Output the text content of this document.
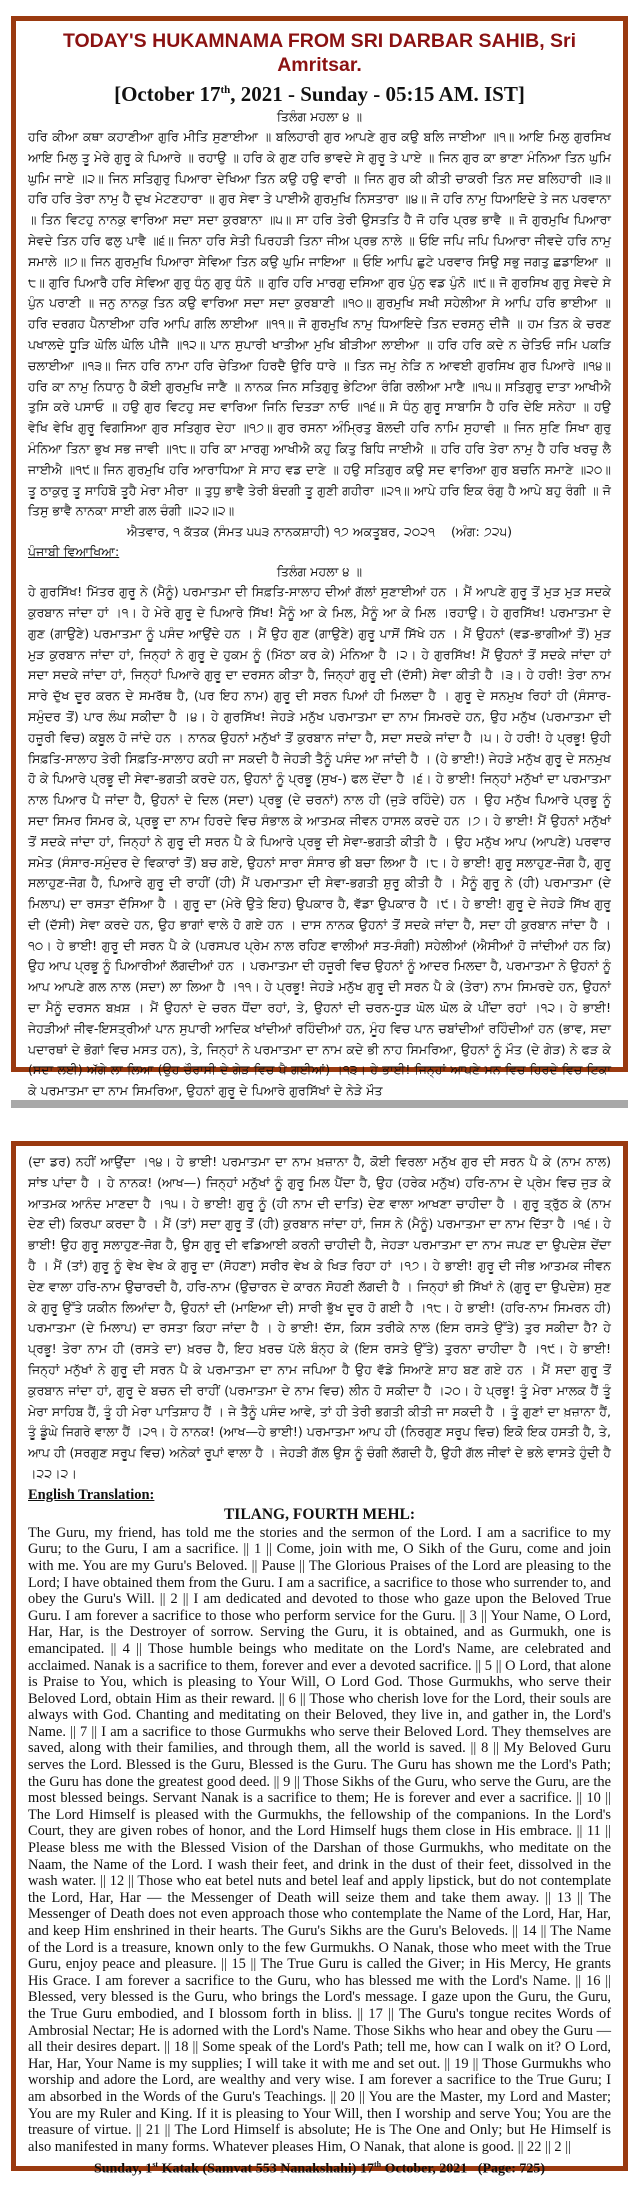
TODAY'S HUKAMNAMA FROM SRI DARBAR SAHIB, Sri Amritsar.
[October 17th, 2021 - Sunday - 05:15 AM. IST]
ਤਿਲੰਗ ਮਹਲਾ ੪ ॥
ਹਰਿ ਕੀਆ ਕਥਾ ਕਹਾਣੀਆ ਗੁਰਿ ਮੀਤਿ ਸੁਣਾਈਆ ॥ ਬਲਿਹਾਰੀ ਗੁਰ ਆਪਣੇ ਗੁਰ ਕਉ ਬਲਿ ਜਾਈਆ ॥੧॥ ਆਇ ਮਿਲੁ ਗੁਰਸਿਖ ਆਇ ਮਿਲੁ ਤੂ ਮੇਰੇ ਗੁਰੂ ਕੇ ਪਿਆਰੇ ॥ ਰਹਾਉ ॥ ਹਰਿ ਕੇ ਗੁਣ ਹਰਿ ਭਾਵਦੇ ਸੇ ਗੁਰੂ ਤੇ ਪਾਏ ॥ ਜਿਨ ਗੁਰ ਕਾ ਭਾਣਾ ਮੰਨਿਆ ਤਿਨ ਘੁਮਿ ਘੁਮਿ ਜਾਏ ॥੨॥ ਜਿਨ ਸਤਿਗੁਰੁ ਪਿਆਰਾ ਦੇਖਿਆ ਤਿਨ ਕਉ ਹਉ ਵਾਰੀ ॥ ਜਿਨ ਗੁਰ ਕੀ ਕੀਤੀ ਚਾਕਰੀ ਤਿਨ ਸਦ ਬਲਿਹਾਰੀ ॥੩॥ ਹਰਿ ਹਰਿ ਤੇਰਾ ਨਾਮੁ ਹੈ ਦੁਖ ਮੇਟਣਹਾਰਾ ॥ ਗੁਰ ਸੇਵਾ ਤੇ ਪਾਈਐ ਗੁਰਮੁਖਿ ਨਿਸਤਾਰਾ ॥੪॥ ਜੋ ਹਰਿ ਨਾਮੁ ਧਿਆਇਦੇ ਤੇ ਜਨ ਪਰਵਾਨਾ ॥ ਤਿਨ ਵਿਟਹੁ ਨਾਨਕੁ ਵਾਰਿਆ ਸਦਾ ਸਦਾ ਕੁਰਬਾਨਾ ॥੫॥ ਸਾ ਹਰਿ ਤੇਰੀ ਉਸਤਤਿ ਹੈ ਜੋ ਹਰਿ ਪ੍ਰਭ ਭਾਵੈ ॥ ਜੋ ਗੁਰਮੁਖਿ ਪਿਆਰਾ ਸੇਵਦੇ ਤਿਨ ਹਰਿ ਫਲੁ ਪਾਵੈ ॥੬॥ ਜਿਨਾ ਹਰਿ ਸੇਤੀ ਪਿਰਹੜੀ ਤਿਨਾ ਜੀਅ ਪ੍ਰਭ ਨਾਲੇ ॥ ਓਇ ਜਪਿ ਜਪਿ ਪਿਆਰਾ ਜੀਵਦੇ ਹਰਿ ਨਾਮੁ ਸਮਾਲੇ ॥੭॥ ਜਿਨ ਗੁਰਮੁਖਿ ਪਿਆਰਾ ਸੇਵਿਆ ਤਿਨ ਕਉ ਘੁਮਿ ਜਾਇਆ ॥ ਓਇ ਆਪਿ ਛੁਟੇ ਪਰਵਾਰ ਸਿਉ ਸਭੁ ਜਗਤੁ ਛਡਾਇਆ ॥੮॥ ਗੁਰਿ ਪਿਆਰੈ ਹਰਿ ਸੇਵਿਆ ਗੁਰੁ ਧੰਨੁ ਗੁਰੁ ਧੰਨੋ ॥ ਗੁਰਿ ਹਰਿ ਮਾਰਗੁ ਦਸਿਆ ਗੁਰ ਪੁੰਨੁ ਵਡ ਪੁੰਨੋ ॥੯॥ ਜੋ ਗੁਰਸਿਖ ਗੁਰੁ ਸੇਵਦੇ ਸੇ ਪੁੰਨ ਪਰਾਣੀ ॥ ਜਨੁ ਨਾਨਕੁ ਤਿਨ ਕਉ ਵਾਰਿਆ ਸਦਾ ਸਦਾ ਕੁਰਬਾਣੀ ॥੧੦॥ ਗੁਰਮੁਖਿ ਸਖੀ ਸਹੇਲੀਆ ਸੇ ਆਪਿ ਹਰਿ ਭਾਈਆ ॥ ਹਰਿ ਦਰਗਹ ਪੈਨਾਈਆ ਹਰਿ ਆਪਿ ਗਲਿ ਲਾਈਆ ॥੧੧॥ ਜੋ ਗੁਰਮੁਖਿ ਨਾਮੁ ਧਿਆਇਦੇ ਤਿਨ ਦਰਸਨੁ ਦੀਜੈ ॥ ਹਮ ਤਿਨ ਕੇ ਚਰਣ ਪਖਾਲਦੇ ਧੂੜਿ ਘੋਲਿ ਘੋਲਿ ਪੀਜੈ ॥੧੨॥ ਪਾਨ ਸੁਪਾਰੀ ਖਾਤੀਆ ਮੁਖਿ ਬੀੜੀਆ ਲਾਈਆ ॥ ਹਰਿ ਹਰਿ ਕਦੇ ਨ ਚੇਤਿਓ ਜਮਿ ਪਕੜਿ ਚਲਾਈਆ ॥੧੩॥ ਜਿਨ ਹਰਿ ਨਾਮਾ ਹਰਿ ਚੇਤਿਆ ਹਿਰਦੈ ਉਰਿ ਧਾਰੇ ॥ ਤਿਨ ਜਮੁ ਨੇੜਿ ਨ ਆਵਈ ਗੁਰਸਿਖ ਗੁਰ ਪਿਆਰੇ ॥੧੪॥ ਹਰਿ ਕਾ ਨਾਮੁ ਨਿਧਾਨੁ ਹੈ ਕੋਈ ਗੁਰਮੁਖਿ ਜਾਣੈ ॥ ਨਾਨਕ ਜਿਨ ਸਤਿਗੁਰੁ ਭੇਟਿਆ ਰੰਗਿ ਰਲੀਆ ਮਾਣੈ ॥੧੫॥ ਸਤਿਗੁਰੁ ਦਾਤਾ ਆਖੀਐ ਤੁਸਿ ਕਰੇ ਪਸਾਓ ॥ ਹਉ ਗੁਰ ਵਿਟਹੁ ਸਦ ਵਾਰਿਆ ਜਿਨਿ ਦਿਤੜਾ ਨਾਓ ॥੧੬॥ ਸੋ ਧੰਨੁ ਗੁਰੂ ਸਾਬਾਸਿ ਹੈ ਹਰਿ ਦੇਇ ਸਨੇਹਾ ॥ ਹਉ ਵੇਖਿ ਵੇਖਿ ਗੁਰੂ ਵਿਗਸਿਆ ਗੁਰ ਸਤਿਗੁਰ ਦੇਹਾ ॥੧੭॥ ਗੁਰ ਰਸਨਾ ਅੰਮ੍ਰਿਤੁ ਬੋਲਦੀ ਹਰਿ ਨਾਮਿ ਸੁਹਾਵੀ ॥ ਜਿਨ ਸੁਣਿ ਸਿਖਾ ਗੁਰੁ ਮੰਨਿਆ ਤਿਨਾ ਭੁਖ ਸਭ ਜਾਵੀ ॥੧੮॥ ਹਰਿ ਕਾ ਮਾਰਗੁ ਆਖੀਐ ਕਹੁ ਕਿਤੁ ਬਿਧਿ ਜਾਈਐ ॥ ਹਰਿ ਹਰਿ ਤੇਰਾ ਨਾਮੁ ਹੈ ਹਰਿ ਖਰਚੁ ਲੈ ਜਾਈਐ ॥੧੯॥ ਜਿਨ ਗੁਰਮੁਖਿ ਹਰਿ ਆਰਾਧਿਆ ਸੇ ਸਾਹ ਵਡ ਦਾਣੇ ॥ ਹਉ ਸਤਿਗੁਰ ਕਉ ਸਦ ਵਾਰਿਆ ਗੁਰ ਬਚਨਿ ਸਮਾਣੇ ॥੨੦॥ ਤੂ ਠਾਕੁਰੁ ਤੂ ਸਾਹਿਬੋ ਤੂਹੈ ਮੇਰਾ ਮੀਰਾ ॥ ਤੁਧੁ ਭਾਵੈ ਤੇਰੀ ਬੰਦਗੀ ਤੂ ਗੁਣੀ ਗਹੀਰਾ ॥੨੧॥ ਆਪੇ ਹਰਿ ਇਕ ਰੰਗੁ ਹੈ ਆਪੇ ਬਹੁ ਰੰਗੀ ॥ ਜੋ ਤਿਸੁ ਭਾਵੈ ਨਾਨਕਾ ਸਾਈ ਗਲ ਚੰਗੀ ॥੨੨॥੨॥
ਐਤਵਾਰ, ੧ ਕੱਤਕ (ਸੰਮਤ ੫੫੩ ਨਾਨਕਸ਼ਾਹੀ) ੧੭ ਅਕਤੂਬਰ, ੨੦੨੧ (ਅੰਗ: ੭੨੫)
ਪੰਜਾਬੀ ਵਿਆਖਿਆ:
ਤਿਲੰਗ ਮਹਲਾ ੪ ॥
ਹੇ ਗੁਰਸਿੱਖ! ਮਿੱਤਰ ਗੁਰੂ ਨੇ (ਮੈਨੂੰ) ਪਰਮਾਤਮਾ ਦੀ ਸਿਫ਼ਤਿ-ਸਾਲਾਹ ਦੀਆਂ ਗੱਲਾਂ ਸੁਣਾਈਆਂ ਹਨ । ਮੈਂ ਆਪਣੇ ਗੁਰੂ ਤੋਂ ਮੁੜ ਮੁੜ ਸਦਕੇ ਕੁਰਬਾਨ ਜਾਂਦਾ ਹਾਂ ।੧। ਹੇ ਮੇਰੇ ਗੁਰੂ ਦੇ ਪਿਆਰੇ ਸਿੱਖ! ਮੈਨੂੰ ਆ ਕੇ ਮਿਲ, ਮੈਨੂੰ ਆ ਕੇ ਮਿਲ ।ਰਹਾਉ। ਹੇ ਗੁਰਸਿੱਖ! ਪਰਮਾਤਮਾ ਦੇ ਗੁਣ (ਗਾਉਣੇ) ਪਰਮਾਤਮਾ ਨੂੰ ਪਸੰਦ ਆਉਂਦੇ ਹਨ । ਮੈਂ ਉਹ ਗੁਣ (ਗਾਉਣੇ) ਗੁਰੂ ਪਾਸੋਂ ਸਿੱਖੇ ਹਨ । ਮੈਂ ਉਹਨਾਂ (ਵਡ-ਭਾਗੀਆਂ ਤੋਂ) ਮੁੜ ਮੁੜ ਕੁਰਬਾਨ ਜਾਂਦਾ ਹਾਂ, ਜਿਨ੍ਹਾਂ ਨੇ ਗੁਰੂ ਦੇ ਹੁਕਮ ਨੂੰ (ਮਿੱਠਾ ਕਰ ਕੇ) ਮੰਨਿਆ ਹੈ ।੨। ਹੇ ਗੁਰਸਿੱਖ! ਮੈਂ ਉਹਨਾਂ ਤੋਂ ਸਦਕੇ ਜਾਂਦਾ ਹਾਂ ਸਦਾ ਸਦਕੇ ਜਾਂਦਾ ਹਾਂ, ਜਿਨ੍ਹਾਂ ਪਿਆਰੇ ਗੁਰੂ ਦਾ ਦਰਸਨ ਕੀਤਾ ਹੈ, ਜਿਨ੍ਹਾਂ ਗੁਰੂ ਦੀ (ਦੱਸੀ) ਸੇਵਾ ਕੀਤੀ ਹੈ ।੩। ਹੇ ਹਰੀ! ਤੇਰਾ ਨਾਮ ਸਾਰੇ ਦੁੱਖ ਦੂਰ ਕਰਨ ਦੇ ਸਮਰੱਥ ਹੈ, (ਪਰ ਇਹ ਨਾਮ) ਗੁਰੂ ਦੀ ਸਰਨ ਪਿਆਂ ਹੀ ਮਿਲਦਾ ਹੈ । ਗੁਰੂ ਦੇ ਸਨਮੁਖ ਰਿਹਾਂ ਹੀ (ਸੰਸਾਰ-ਸਮੁੰਦਰ ਤੋਂ) ਪਾਰ ਲੰਘ ਸਕੀਦਾ ਹੈ ।੪। ਹੇ ਗੁਰਸਿੱਖ! ਜੇਹੜੇ ਮਨੁੱਖ ਪਰਮਾਤਮਾ ਦਾ ਨਾਮ ਸਿਮਰਦੇ ਹਨ, ਉਹ ਮਨੁੱਖ (ਪਰਮਾਤਮਾ ਦੀ ਹਜ਼ੂਰੀ ਵਿਚ) ਕਬੂਲ ਹੋ ਜਾਂਦੇ ਹਨ । ਨਾਨਕ ਉਹਨਾਂ ਮਨੁੱਖਾਂ ਤੋਂ ਕੁਰਬਾਨ ਜਾਂਦਾ ਹੈ, ਸਦਾ ਸਦਕੇ ਜਾਂਦਾ ਹੈ ।੫। ਹੇ ਹਰੀ! ਹੇ ਪ੍ਰਭੂ! ਉਹੀ ਸਿਫ਼ਤਿ-ਸਾਲਾਹ ਤੇਰੀ ਸਿਫ਼ਤਿ-ਸਾਲਾਹ ਕਹੀ ਜਾ ਸਕਦੀ ਹੈ ਜੇਹੜੀ ਤੈਨੂੰ ਪਸੰਦ ਆ ਜਾਂਦੀ ਹੈ । (ਹੇ ਭਾਈ!) ਜੇਹੜੇ ਮਨੁੱਖ ਗੁਰੂ ਦੇ ਸਨਮੁਖ ਹੋ ਕੇ ਪਿਆਰੇ ਪ੍ਰਭੂ ਦੀ ਸੇਵਾ-ਭਗਤੀ ਕਰਦੇ ਹਨ, ਉਹਨਾਂ ਨੂੰ ਪ੍ਰਭੂ (ਸੁਖ-) ਫਲ ਦੇਂਦਾ ਹੈ ।੬। ਹੇ ਭਾਈ! ਜਿਨ੍ਹਾਂ ਮਨੁੱਖਾਂ ਦਾ ਪਰਮਾਤਮਾ ਨਾਲ ਪਿਆਰ ਪੈ ਜਾਂਦਾ ਹੈ, ਉਹਨਾਂ ਦੇ ਦਿਲ (ਸਦਾ) ਪ੍ਰਭੂ (ਦੇ ਚਰਨਾਂ) ਨਾਲ ਹੀ (ਜੁੜੇ ਰਹਿੰਦੇ) ਹਨ । ਉਹ ਮਨੁੱਖ ਪਿਆਰੇ ਪ੍ਰਭੂ ਨੂੰ ਸਦਾ ਸਿਮਰ ਸਿਮਰ ਕੇ, ਪ੍ਰਭੂ ਦਾ ਨਾਮ ਹਿਰਦੇ ਵਿਚ ਸੰਭਾਲ ਕੇ ਆਤਮਕ ਜੀਵਨ ਹਾਸਲ ਕਰਦੇ ਹਨ ।੭। ਹੇ ਭਾਈ! ਮੈਂ ਉਹਨਾਂ ਮਨੁੱਖਾਂ ਤੋਂ ਸਦਕੇ ਜਾਂਦਾ ਹਾਂ, ਜਿਨ੍ਹਾਂ ਨੇ ਗੁਰੂ ਦੀ ਸਰਨ ਪੈ ਕੇ ਪਿਆਰੇ ਪ੍ਰਭੂ ਦੀ ਸੇਵਾ-ਭਗਤੀ ਕੀਤੀ ਹੈ । ਉਹ ਮਨੁੱਖ ਆਪ (ਆਪਣੇ) ਪਰਵਾਰ ਸਮੇਤ (ਸੰਸਾਰ-ਸਮੁੰਦਰ ਦੇ ਵਿਕਾਰਾਂ ਤੋਂ) ਬਚ ਗਏ, ਉਹਨਾਂ ਸਾਰਾ ਸੰਸਾਰ ਭੀ ਬਚਾ ਲਿਆ ਹੈ ।੮। ਹੇ ਭਾਈ! ਗੁਰੂ ਸਲਾਹੁਣ-ਜੋਗ ਹੈ, ਗੁਰੂ ਸਲਾਹੁਣ-ਜੋਗ ਹੈ, ਪਿਆਰੇ ਗੁਰੂ ਦੀ ਰਾਹੀਂ (ਹੀ) ਮੈਂ ਪਰਮਾਤਮਾ ਦੀ ਸੇਵਾ-ਭਗਤੀ ਸ਼ੁਰੂ ਕੀਤੀ ਹੈ । ਮੈਨੂੰ ਗੁਰੂ ਨੇ (ਹੀ) ਪਰਮਾਤਮਾ (ਦੇ ਮਿਲਾਪ) ਦਾ ਰਸਤਾ ਦੱਸਿਆ ਹੈ । ਗੁਰੂ ਦਾ (ਮੇਰੇ ਉਤੇ ਇਹ) ਉਪਕਾਰ ਹੈ, ਵੱਡਾ ਉਪਕਾਰ ਹੈ ।੯। ਹੇ ਭਾਈ! ਗੁਰੂ ਦੇ ਜੇਹੜੇ ਸਿੱਖ ਗੁਰੂ ਦੀ (ਦੱਸੀ) ਸੇਵਾ ਕਰਦੇ ਹਨ, ਉਹ ਭਾਗਾਂ ਵਾਲੇ ਹੋ ਗਏ ਹਨ । ਦਾਸ ਨਾਨਕ ਉਹਨਾਂ ਤੋਂ ਸਦਕੇ ਜਾਂਦਾ ਹੈ, ਸਦਾ ਹੀ ਕੁਰਬਾਨ ਜਾਂਦਾ ਹੈ ।੧੦। ਹੇ ਭਾਈ! ਗੁਰੂ ਦੀ ਸਰਨ ਪੈ ਕੇ (ਪਰਸਪਰ ਪ੍ਰੇਮ ਨਾਲ ਰਹਿਣ ਵਾਲੀਆਂ ਸਤ-ਸੰਗੀ) ਸਹੇਲੀਆਂ (ਐਸੀਆਂ ਹੋ ਜਾਂਦੀਆਂ ਹਨ ਕਿ) ਉਹ ਆਪ ਪ੍ਰਭੂ ਨੂੰ ਪਿਆਰੀਆਂ ਲੱਗਦੀਆਂ ਹਨ । ਪਰਮਾਤਮਾ ਦੀ ਹਜ਼ੂਰੀ ਵਿਚ ਉਹਨਾਂ ਨੂੰ ਆਦਰ ਮਿਲਦਾ ਹੈ, ਪਰਮਾਤਮਾ ਨੇ ਉਹਨਾਂ ਨੂੰ ਆਪ ਆਪਣੇ ਗਲ ਨਾਲ (ਸਦਾ) ਲਾ ਲਿਆ ਹੈ ।੧੧। ਹੇ ਪ੍ਰਭੂ! ਜੇਹੜੇ ਮਨੁੱਖ ਗੁਰੂ ਦੀ ਸਰਨ ਪੈ ਕੇ (ਤੇਰਾ) ਨਾਮ ਸਿਮਰਦੇ ਹਨ, ਉਹਨਾਂ ਦਾ ਮੈਨੂੰ ਦਰਸਨ ਬਖ਼ਸ਼ । ਮੈਂ ਉਹਨਾਂ ਦੇ ਚਰਨ ਧੋਂਦਾ ਰਹਾਂ, ਤੇ, ਉਹਨਾਂ ਦੀ ਚਰਨ-ਧੂੜ ਘੋਲ ਘੋਲ ਕੇ ਪੀਂਦਾ ਰਹਾਂ ।੧੨। ਹੇ ਭਾਈ! ਜੇਹੜੀਆਂ ਜੀਵ-ਇਸਤ੍ਰੀਆਂ ਪਾਨ ਸੁਪਾਰੀ ਆਦਿਕ ਖਾਂਦੀਆਂ ਰਹਿੰਦੀਆਂ ਹਨ, ਮੂੰਹ ਵਿਚ ਪਾਨ ਚਬਾਂਦੀਆਂ ਰਹਿੰਦੀਆਂ ਹਨ (ਭਾਵ, ਸਦਾ ਪਦਾਰਥਾਂ ਦੇ ਭੋਗਾਂ ਵਿਚ ਮਸਤ ਹਨ), ਤੇ, ਜਿਨ੍ਹਾਂ ਨੇ ਪਰਮਾਤਮਾ ਦਾ ਨਾਮ ਕਦੇ ਭੀ ਨਾਹ ਸਿਮਰਿਆ, ਉਹਨਾਂ ਨੂੰ ਮੌਤ (ਦੇ ਗੇੜ) ਨੇ ਫੜ ਕੇ (ਸਦਾ ਲਈ) ਅੱਗੇ ਲਾ ਲਿਆ (ਉਹ ਚੌਰਾਸੀ ਦੇ ਗੇੜ ਵਿਚ ਪੈ ਗਈਆਂ) ।੧੩। ਹੇ ਭਾਈ! ਜਿਨ੍ਹਾਂ ਆਪਣੇ ਮਨ ਵਿਚ ਹਿਰਦੇ ਵਿਚ ਟਿਕਾ ਕੇ ਪਰਮਾਤਮਾ ਦਾ ਨਾਮ ਸਿਮਰਿਆ, ਉਹਨਾਂ ਗੁਰੂ ਦੇ ਪਿਆਰੇ ਗੁਰਸਿੱਖਾਂ ਦੇ ਨੇੜੇ ਮੌਤ
(ਦਾ ਡਰ) ਨਹੀਂ ਆਉਂਦਾ ।੧੪। ਹੇ ਭਾਈ! ਪਰਮਾਤਮਾ ਦਾ ਨਾਮ ਖ਼ਜ਼ਾਨਾ ਹੈ, ਕੋਈ ਵਿਰਲਾ ਮਨੁੱਖ ਗੁਰ ਦੀ ਸਰਨ ਪੈ ਕੇ (ਨਾਮ ਨਾਲ) ਸਾਂਝ ਪਾਂਦਾ ਹੈ । ਹੇ ਨਾਨਕ! (ਆਖ—) ਜਿਨ੍ਹਾਂ ਮਨੁੱਖਾਂ ਨੂੰ ਗੁਰੂ ਮਿਲ ਪੈਂਦਾ ਹੈ, ਉਹ (ਹਰੇਕ ਮਨੁੱਖ) ਹਰਿ-ਨਾਮ ਦੇ ਪ੍ਰੇਮ ਵਿਚ ਜੁੜ ਕੇ ਆਤਮਕ ਆਨੰਦ ਮਾਣਦਾ ਹੈ ।੧੫। ਹੇ ਭਾਈ! ਗੁਰੂ ਨੂੰ (ਹੀ ਨਾਮ ਦੀ ਦਾਤਿ) ਦੇਣ ਵਾਲਾ ਆਖਣਾ ਚਾਹੀਦਾ ਹੈ । ਗੁਰੂ ਤ੍ਰੁੱਠ ਕੇ (ਨਾਮ ਦੇਣ ਦੀ) ਕਿਰਪਾ ਕਰਦਾ ਹੈ । ਮੈਂ (ਤਾਂ) ਸਦਾ ਗੁਰੂ ਤੋਂ (ਹੀ) ਕੁਰਬਾਨ ਜਾਂਦਾ ਹਾਂ, ਜਿਸ ਨੇ (ਮੈਨੂੰ) ਪਰਮਾਤਮਾ ਦਾ ਨਾਮ ਦਿੱਤਾ ਹੈ ।੧੬। ਹੇ ਭਾਈ! ਉਹ ਗੁਰੂ ਸਲਾਹੁਣ-ਜੋਗ ਹੈ, ਉਸ ਗੁਰੂ ਦੀ ਵਡਿਆਈ ਕਰਨੀ ਚਾਹੀਦੀ ਹੈ, ਜੇਹੜਾ ਪਰਮਾਤਮਾ ਦਾ ਨਾਮ ਜਪਣ ਦਾ ਉਪਦੇਸ਼ ਦੇਂਦਾ ਹੈ । ਮੈਂ (ਤਾਂ) ਗੁਰੂ ਨੂੰ ਵੇਖ ਵੇਖ ਕੇ ਗੁਰੂ ਦਾ (ਸੋਹਣਾ) ਸਰੀਰ ਵੇਖ ਕੇ ਖਿੜ ਰਿਹਾ ਹਾਂ ।੧੭। ਹੇ ਭਾਈ! ਗੁਰੂ ਦੀ ਜੀਭ ਆਤਮਕ ਜੀਵਨ ਦੇਣ ਵਾਲਾ ਹਰਿ-ਨਾਮ ਉਚਾਰਦੀ ਹੈ, ਹਰਿ-ਨਾਮ (ਉਚਾਰਨ ਦੇ ਕਾਰਨ ਸੋਹਣੀ ਲੱਗਦੀ ਹੈ । ਜਿਨ੍ਹਾਂ ਭੀ ਸਿੱਖਾਂ ਨੇ (ਗੁਰੂ ਦਾ ਉਪਦੇਸ਼) ਸੁਣ ਕੇ ਗੁਰੂ ਉੱਤੇ ਯਕੀਨ ਲਿਆਂਦਾ ਹੈ, ਉਹਨਾਂ ਦੀ (ਮਾਇਆ ਦੀ) ਸਾਰੀ ਭੁੱਖ ਦੂਰ ਹੋ ਗਈ ਹੈ ।੧੮। ਹੇ ਭਾਈ! (ਹਰਿ-ਨਾਮ ਸਿਮਰਨ ਹੀ) ਪਰਮਾਤਮਾ (ਦੇ ਮਿਲਾਪ) ਦਾ ਰਸਤਾ ਕਿਹਾ ਜਾਂਦਾ ਹੈ । ਹੇ ਭਾਈ! ਦੱਸ, ਕਿਸ ਤਰੀਕੇ ਨਾਲ (ਇਸ ਰਸਤੇ ਉੱਤੇ) ਤੁਰ ਸਕੀਦਾ ਹੈ? ਹੇ ਪ੍ਰਭੂ! ਤੇਰਾ ਨਾਮ ਹੀ (ਰਸਤੇ ਦਾ) ਖ਼ਰਚ ਹੈ, ਇਹ ਖ਼ਰਚ ਪੱਲੇ ਬੰਨ੍ਹ ਕੇ (ਇਸ ਰਸਤੇ ਉੱਤੇ) ਤੁਰਨਾ ਚਾਹੀਦਾ ਹੈ ।੧੯। ਹੇ ਭਾਈ! ਜਿਨ੍ਹਾਂ ਮਨੁੱਖਾਂ ਨੇ ਗੁਰੂ ਦੀ ਸਰਨ ਪੈ ਕੇ ਪਰਮਾਤਮਾ ਦਾ ਨਾਮ ਜਪਿਆ ਹੈ ਉਹ ਵੱਡੇ ਸਿਆਣੇ ਸ਼ਾਹ ਬਣ ਗਏ ਹਨ । ਮੈਂ ਸਦਾ ਗੁਰੂ ਤੋਂ ਕੁਰਬਾਨ ਜਾਂਦਾ ਹਾਂ, ਗੁਰੂ ਦੇ ਬਚਨ ਦੀ ਰਾਹੀਂ (ਪਰਮਾਤਮਾ ਦੇ ਨਾਮ ਵਿਚ) ਲੀਨ ਹੋ ਸਕੀਦਾ ਹੈ ।੨੦। ਹੇ ਪ੍ਰਭੂ! ਤੂੰ ਮੇਰਾ ਮਾਲਕ ਹੈਂ ਤੂੰ ਮੇਰਾ ਸਾਹਿਬ ਹੈਂ, ਤੂੰ ਹੀ ਮੇਰਾ ਪਾਤਿਸ਼ਾਹ ਹੈਂ । ਜੇ ਤੈਨੂੰ ਪਸੰਦ ਆਵੇ, ਤਾਂ ਹੀ ਤੇਰੀ ਭਗਤੀ ਕੀਤੀ ਜਾ ਸਕਦੀ ਹੈ । ਤੂੰ ਗੁਣਾਂ ਦਾ ਖ਼ਜ਼ਾਨਾ ਹੈਂ, ਤੂੰ ਡੂੰਘੇ ਜਿਗਰੇ ਵਾਲਾ ਹੈਂ ।੨੧। ਹੇ ਨਾਨਕ! (ਆਖ—ਹੇ ਭਾਈ!) ਪਰਮਾਤਮਾ ਆਪ ਹੀ (ਨਿਰਗੁਣ ਸਰੂਪ ਵਿਚ) ਇਕੋ ਇਕ ਹਸਤੀ ਹੈ, ਤੇ, ਆਪ ਹੀ (ਸਰਗੁਣ ਸਰੂਪ ਵਿਚ) ਅਨੇਕਾਂ ਰੂਪਾਂ ਵਾਲਾ ਹੈ । ਜੇਹੜੀ ਗੱਲ ਉਸ ਨੂੰ ਚੰਗੀ ਲੱਗਦੀ ਹੈ, ਉਹੀ ਗੱਲ ਜੀਵਾਂ ਦੇ ਭਲੇ ਵਾਸਤੇ ਹੁੰਦੀ ਹੈ ।੨੨।੨।
English Translation:
TILANG, FOURTH MEHL:
The Guru, my friend, has told me the stories and the sermon of the Lord. I am a sacrifice to my Guru; to the Guru, I am a sacrifice. || 1 || Come, join with me, O Sikh of the Guru, come and join with me. You are my Guru's Beloved. || Pause || The Glorious Praises of the Lord are pleasing to the Lord; I have obtained them from the Guru. I am a sacrifice, a sacrifice to those who surrender to, and obey the Guru's Will. || 2 || I am dedicated and devoted to those who gaze upon the Beloved True Guru. I am forever a sacrifice to those who perform service for the Guru. || 3 || Your Name, O Lord, Har, Har, is the Destroyer of sorrow. Serving the Guru, it is obtained, and as Gurmukh, one is emancipated. || 4 || Those humble beings who meditate on the Lord's Name, are celebrated and acclaimed. Nanak is a sacrifice to them, forever and ever a devoted sacrifice. || 5 || O Lord, that alone is Praise to You, which is pleasing to Your Will, O Lord God. Those Gurmukhs, who serve their Beloved Lord, obtain Him as their reward. || 6 || Those who cherish love for the Lord, their souls are always with God. Chanting and meditating on their Beloved, they live in, and gather in, the Lord's Name. || 7 || I am a sacrifice to those Gurmukhs who serve their Beloved Lord. They themselves are saved, along with their families, and through them, all the world is saved. || 8 || My Beloved Guru serves the Lord. Blessed is the Guru, Blessed is the Guru. The Guru has shown me the Lord's Path; the Guru has done the greatest good deed. || 9 || Those Sikhs of the Guru, who serve the Guru, are the most blessed beings. Servant Nanak is a sacrifice to them; He is forever and ever a sacrifice. || 10 || The Lord Himself is pleased with the Gurmukhs, the fellowship of the companions. In the Lord's Court, they are given robes of honor, and the Lord Himself hugs them close in His embrace. || 11 || Please bless me with the Blessed Vision of the Darshan of those Gurmukhs, who meditate on the Naam, the Name of the Lord. I wash their feet, and drink in the dust of their feet, dissolved in the wash water. || 12 || Those who eat betel nuts and betel leaf and apply lipstick, but do not contemplate the Lord, Har, Har — the Messenger of Death will seize them and take them away. || 13 || The Messenger of Death does not even approach those who contemplate the Name of the Lord, Har, Har, and keep Him enshrined in their hearts. The Guru's Sikhs are the Guru's Beloveds. || 14 || The Name of the Lord is a treasure, known only to the few Gurmukhs. O Nanak, those who meet with the True Guru, enjoy peace and pleasure. || 15 || The True Guru is called the Giver; in His Mercy, He grants His Grace. I am forever a sacrifice to the Guru, who has blessed me with the Lord's Name. || 16 || Blessed, very blessed is the Guru, who brings the Lord's message. I gaze upon the Guru, the Guru, the True Guru embodied, and I blossom forth in bliss. || 17 || The Guru's tongue recites Words of Ambrosial Nectar; He is adorned with the Lord's Name. Those Sikhs who hear and obey the Guru — all their desires depart. || 18 || Some speak of the Lord's Path; tell me, how can I walk on it? O Lord, Har, Har, Your Name is my supplies; I will take it with me and set out. || 19 || Those Gurmukhs who worship and adore the Lord, are wealthy and very wise. I am forever a sacrifice to the True Guru; I am absorbed in the Words of the Guru's Teachings. || 20 || You are the Master, my Lord and Master; You are my Ruler and King. If it is pleasing to Your Will, then I worship and serve You; You are the treasure of virtue. || 21 || The Lord Himself is absolute; He is The One and Only; but He Himself is also manifested in many forms. Whatever pleases Him, O Nanak, that alone is good. || 22 || 2 ||
Sunday, 1st Katak (Samvat 553 Nanakshahi) 17th October, 2021   (Page: 725)
